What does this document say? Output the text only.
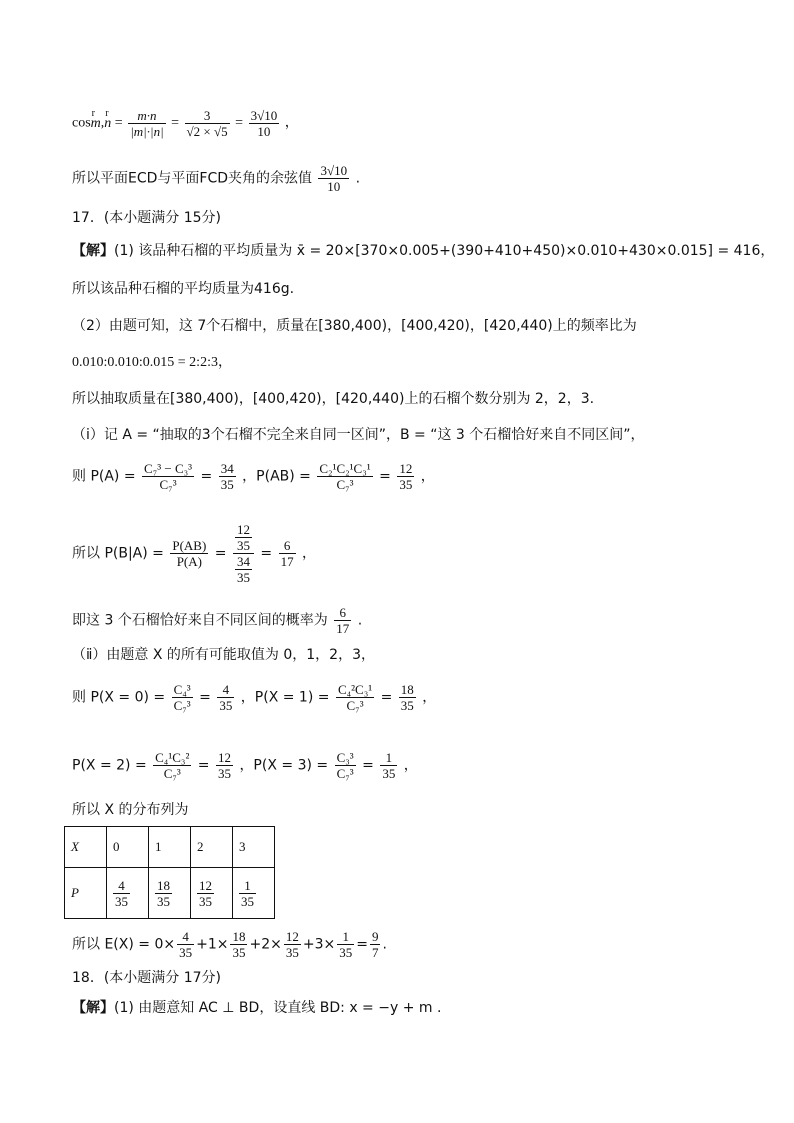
cosr m,r $n = \frac{m\cdot n}{|m|\cdot|n|} = \frac{3}{√2 \times √5} = \frac{3√10}{10}$ ，
所以平面ECD与平面FCD夹角的余弦值 $\frac{3√10}{10}$ .
17．(本小题满分 15分)
【解】(1) 该品种石榴的平均质量为 x̄ = 20×[370×0.005+(390+410+450)×0.010+430×0.015] = 416，
所以该品种石榴的平均质量为416g.
（2）由题可知，这 7个石榴中，质量在[380,400)，[400,420)，[420,440)上的频率比为
0.010:0.010:0.015 = 2:2:3，
所以抽取质量在[380,400)，[400,420)，[420,440)上的石榴个数分别为 2，2，3.
（ⅰ）记 A = “抽取的3个石榴不完全来自同一区间”，B = “这 3 个石榴恰好来自不同区间”，
则 $P(A) = \frac{\text{C₇³ − C₃³}}{\text{C₇³}} = \frac{34}{35}$ ，$P(AB) = \frac{\text{C₂¹C₂¹C₃¹}}{\text{C₇³}} = \frac{12}{35}$ ，
所以 $P(B|A) = \frac{P(AB)}{P(A)} = \frac{\frac{12}{35}}{\frac{34}{35}} = \frac{6}{17}$ ，
即这 3 个石榴恰好来自不同区间的概率为 $\frac{6}{17}$ .
（ⅱ）由题意 X 的所有可能取值为 0，1，2，3，
则 $P(X = 0) = \frac{\text{C₄³}}{\text{C₇³}} = \frac{4}{35}$ ，$P(X = 1) = \frac{\text{C₄²C₃¹}}{\text{C₇³}} = \frac{18}{35}$ ，
$P(X = 2) = \frac{\text{C₄¹C₃²}}{\text{C₇³}} = \frac{12}{35}$ ，$P(X = 3) = \frac{\text{C₃³}}{\text{C₇³}} = \frac{1}{35}$ ，
所以 X 的分布列为
X	0	1	2	3
P	$\frac{4}{35}$	$\frac{18}{35}$	$\frac{12}{35}$	$\frac{1}{35}$
所以 $E(X) = 0\times \frac{4}{35} +1\times \frac{18}{35} +2\times \frac{12}{35} +3\times \frac{1}{35} = \frac{9}{7}$ .
18．(本小题满分 17分)
【解】(1) 由题意知 AC ⊥ BD，设直线 BD: x = −y + m .
